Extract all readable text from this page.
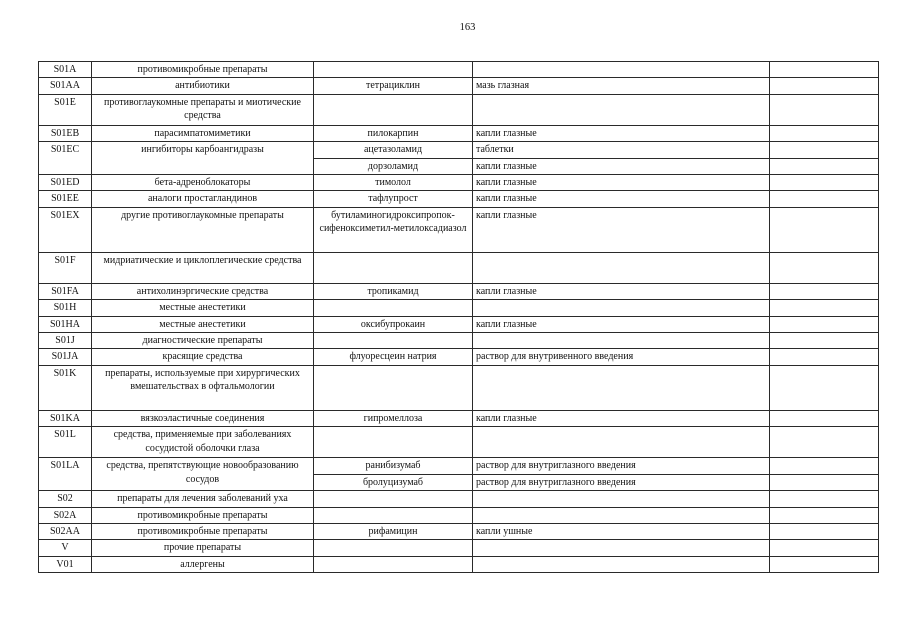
163
S01A	противомикробные препараты			
S01AA	антибиотики	тетрациклин	мазь глазная	
S01E	противоглаукомные препараты и миотические средства			
S01EB	парасимпатомиметики	пилокарпин	капли глазные	
S01EC	ингибиторы карбоангидразы	ацетазоламид	таблетки	
		дорзоламид	капли глазные	
S01ED	бета-адреноблокаторы	тимолол	капли глазные	
S01EE	аналоги простагландинов	тафлупрост	капли глазные	
S01EX	другие противоглаукомные препараты	бутиламиногидроксипропок-сифеноксиметил-метилоксадиазол	капли глазные	
S01F	мидриатические и циклоплегические средства			
S01FA	антихолинэргические средства	тропикамид	капли глазные	
S01H	местные анестетики			
S01HA	местные анестетики	оксибупрокаин	капли глазные	
S01J	диагностические препараты			
S01JA	красящие средства	флуоресцеин натрия	раствор для внутривенного введения	
S01K	препараты, используемые при хирургических вмешательствах в офтальмологии			
S01KA	вязкоэластичные соединения	гипромеллоза	капли глазные	
S01L	средства, применяемые при заболеваниях сосудистой оболочки глаза			
S01LA	средства, препятствующие новообразованию сосудов	ранибизумаб	раствор для внутриглазного введения	
		бролуцизумаб	раствор для внутриглазного введения	
S02	препараты для лечения заболеваний уха			
S02A	противомикробные препараты			
S02AA	противомикробные препараты	рифамицин	капли ушные	
V	прочие препараты			
V01	аллергены			
